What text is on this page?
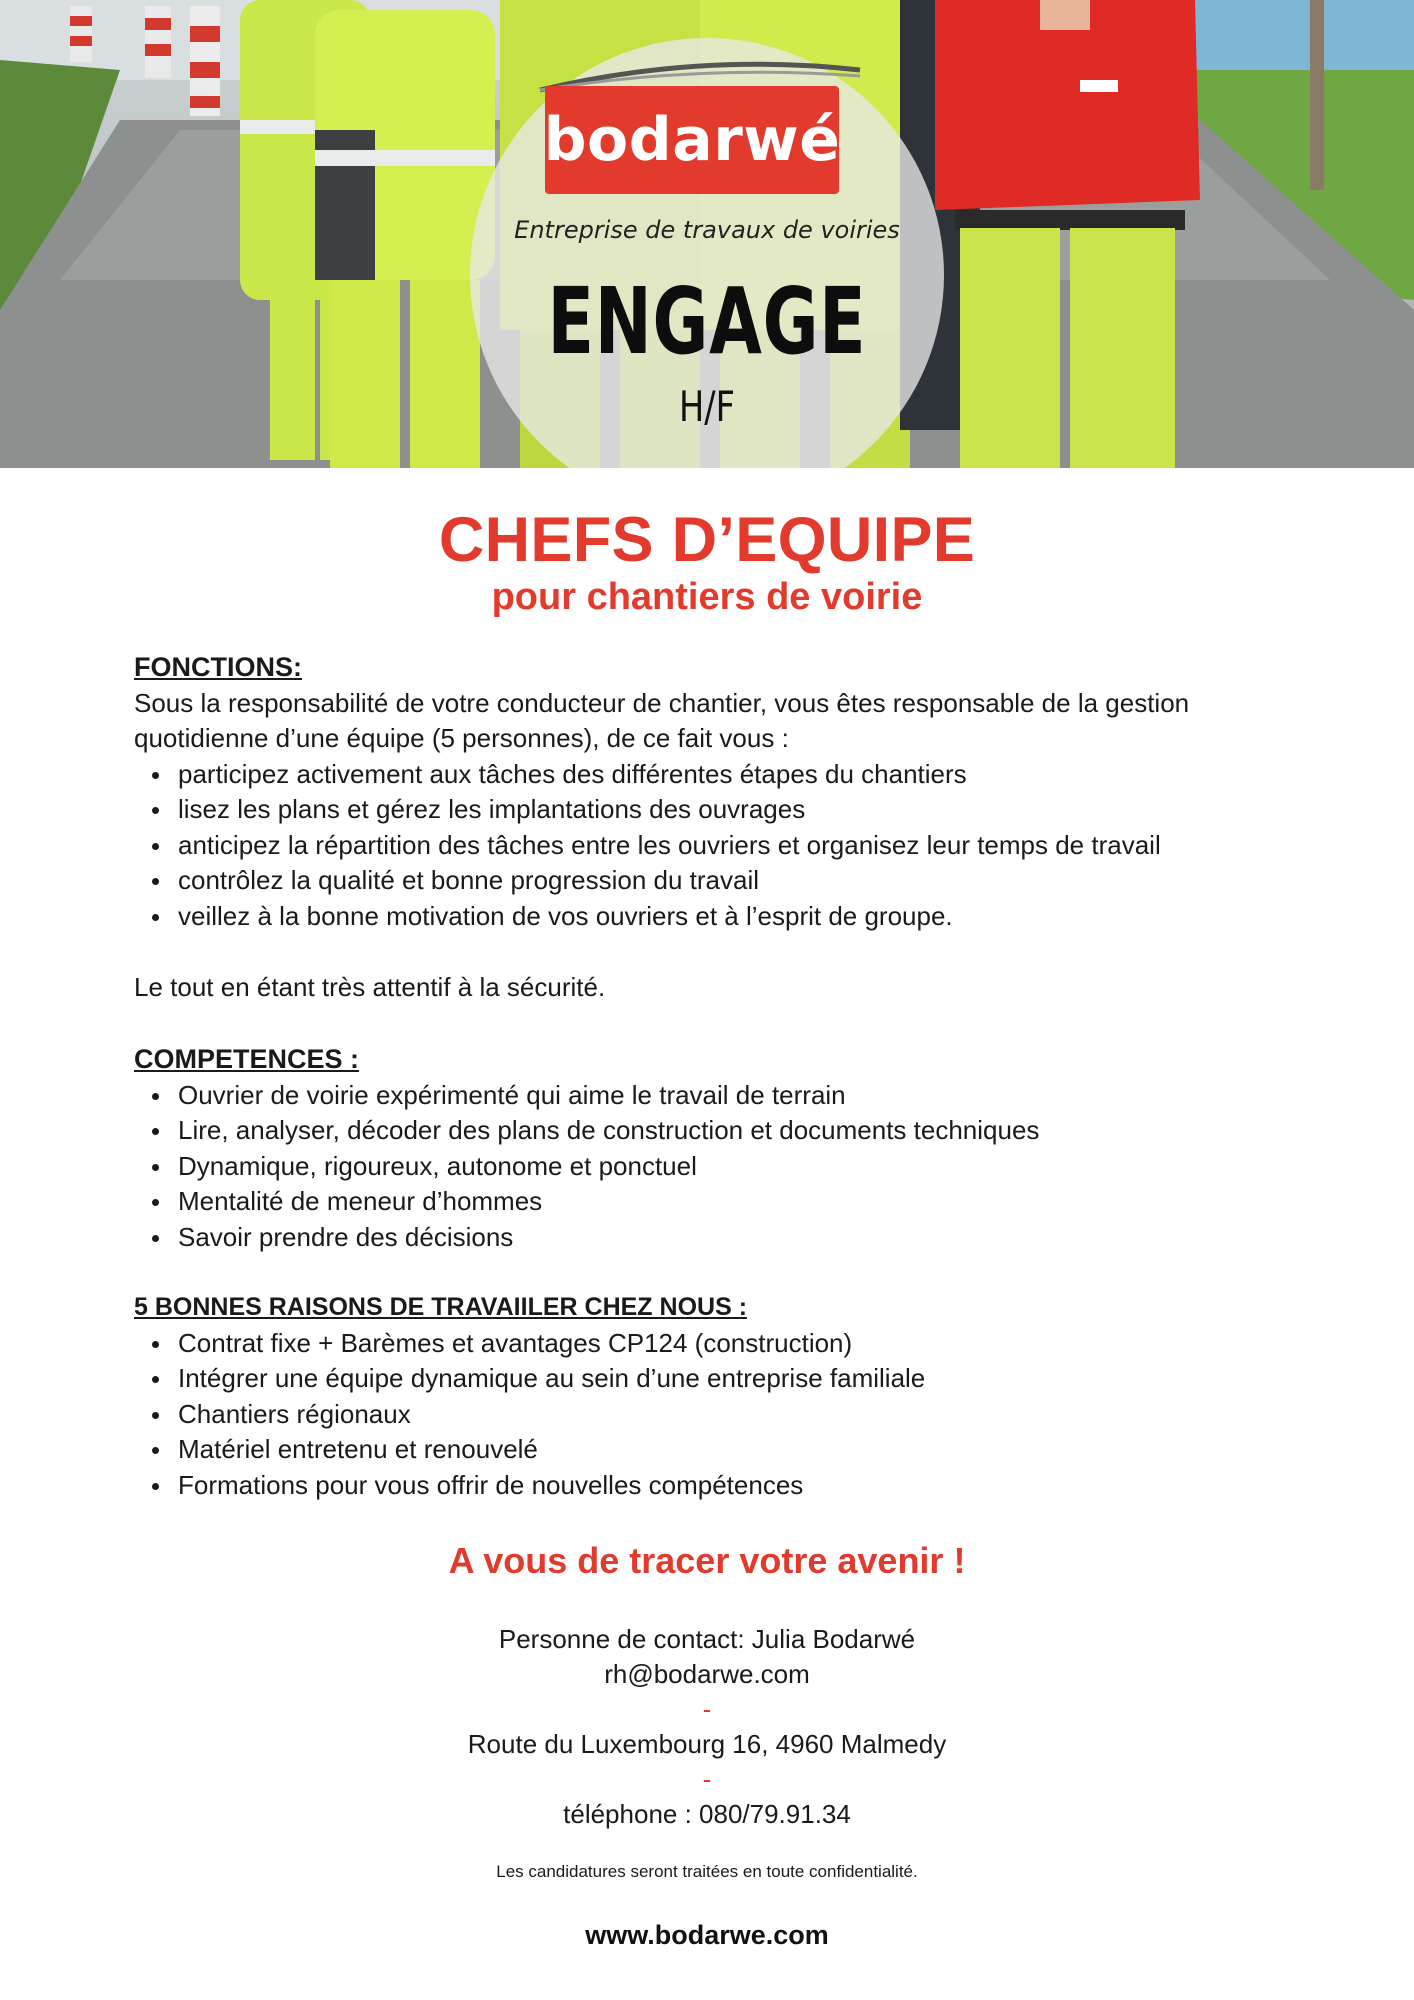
bodarwé
Entreprise de travaux de voiries
ENGAGE
H/F
CHEFS D’EQUIPE
pour chantiers de voirie
FONCTIONS:
Sous la responsabilité de votre conducteur de chantier, vous êtes responsable de la gestion
quotidienne d’une équipe (5 personnes), de ce fait vous :
participez activement aux tâches des différentes étapes du chantiers
lisez les plans et gérez les implantations des ouvrages
anticipez la répartition des tâches entre les ouvriers et organisez leur temps de travail
contrôlez la qualité et bonne progression du travail
veillez à la bonne motivation de vos ouvriers et à l’esprit de groupe.
Le tout en étant très attentif à la sécurité.
COMPETENCES :
Ouvrier de voirie expérimenté qui aime le travail de terrain
Lire, analyser, décoder des plans de construction et documents techniques
Dynamique, rigoureux, autonome et ponctuel
Mentalité de meneur d’hommes
Savoir prendre des décisions
5 BONNES RAISONS DE TRAVAIILER CHEZ NOUS :
Contrat fixe + Barèmes et avantages CP124 (construction)
Intégrer une équipe dynamique au sein d’une entreprise familiale
Chantiers régionaux
Matériel entretenu et renouvelé
Formations pour vous offrir de nouvelles compétences
A vous de tracer votre avenir !
Personne de contact: Julia Bodarwé
rh@bodarwe.com
-
Route du Luxembourg 16, 4960 Malmedy
-
téléphone : 080/79.91.34
Les candidatures seront traitées en toute confidentialité.
www.bodarwe.com
